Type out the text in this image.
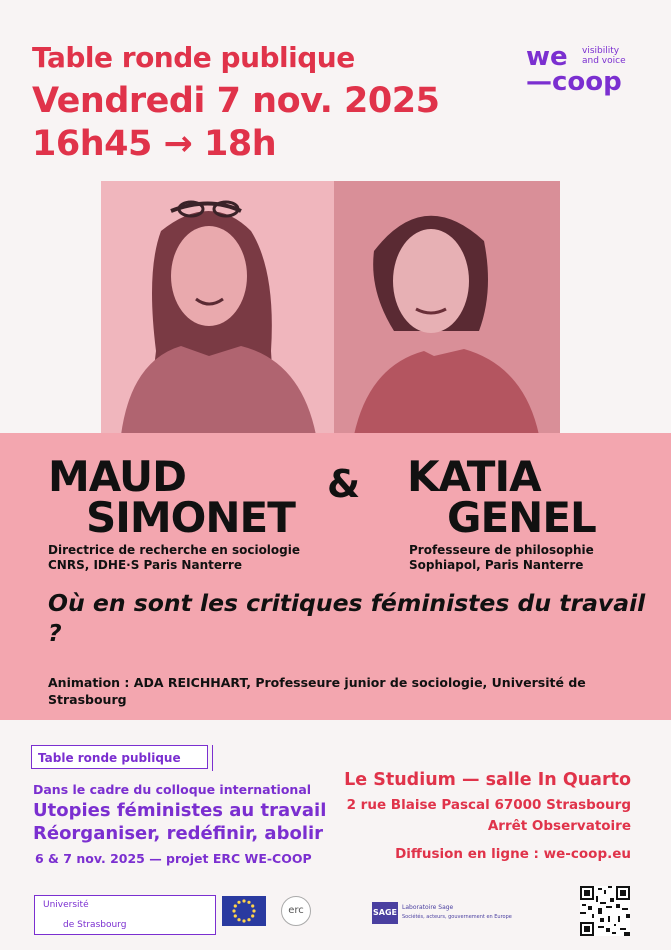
Table ronde publique
Vendredi 7 nov. 2025
16h45 → 18h
we visibility
and voice
—coop
MAUD
SIMONET
& KATIA
GENEL
Directrice de recherche en sociologie
CNRS, IDHE·S Paris Nanterre
Professeure de philosophie
Sophiapol, Paris Nanterre
Où en sont les critiques féministes du travail ?
Animation : ADA REICHHART, Professeure junior de sociologie, Université de Strasbourg
Table ronde publique
Dans le cadre du colloque international
Utopies féministes au travail
Réorganiser, redéfinir, abolir
6 & 7 nov. 2025 — projet ERC WE-COOP
Le Studium — salle In Quarto
2 rue Blaise Pascal 67000 Strasbourg
Arrêt Observatoire
Diffusion en ligne : we-coop.eu
Université
de Strasbourg
erc	SAGE
Laboratoire Sage
Sociétés, acteurs, gouvernement en Europe
